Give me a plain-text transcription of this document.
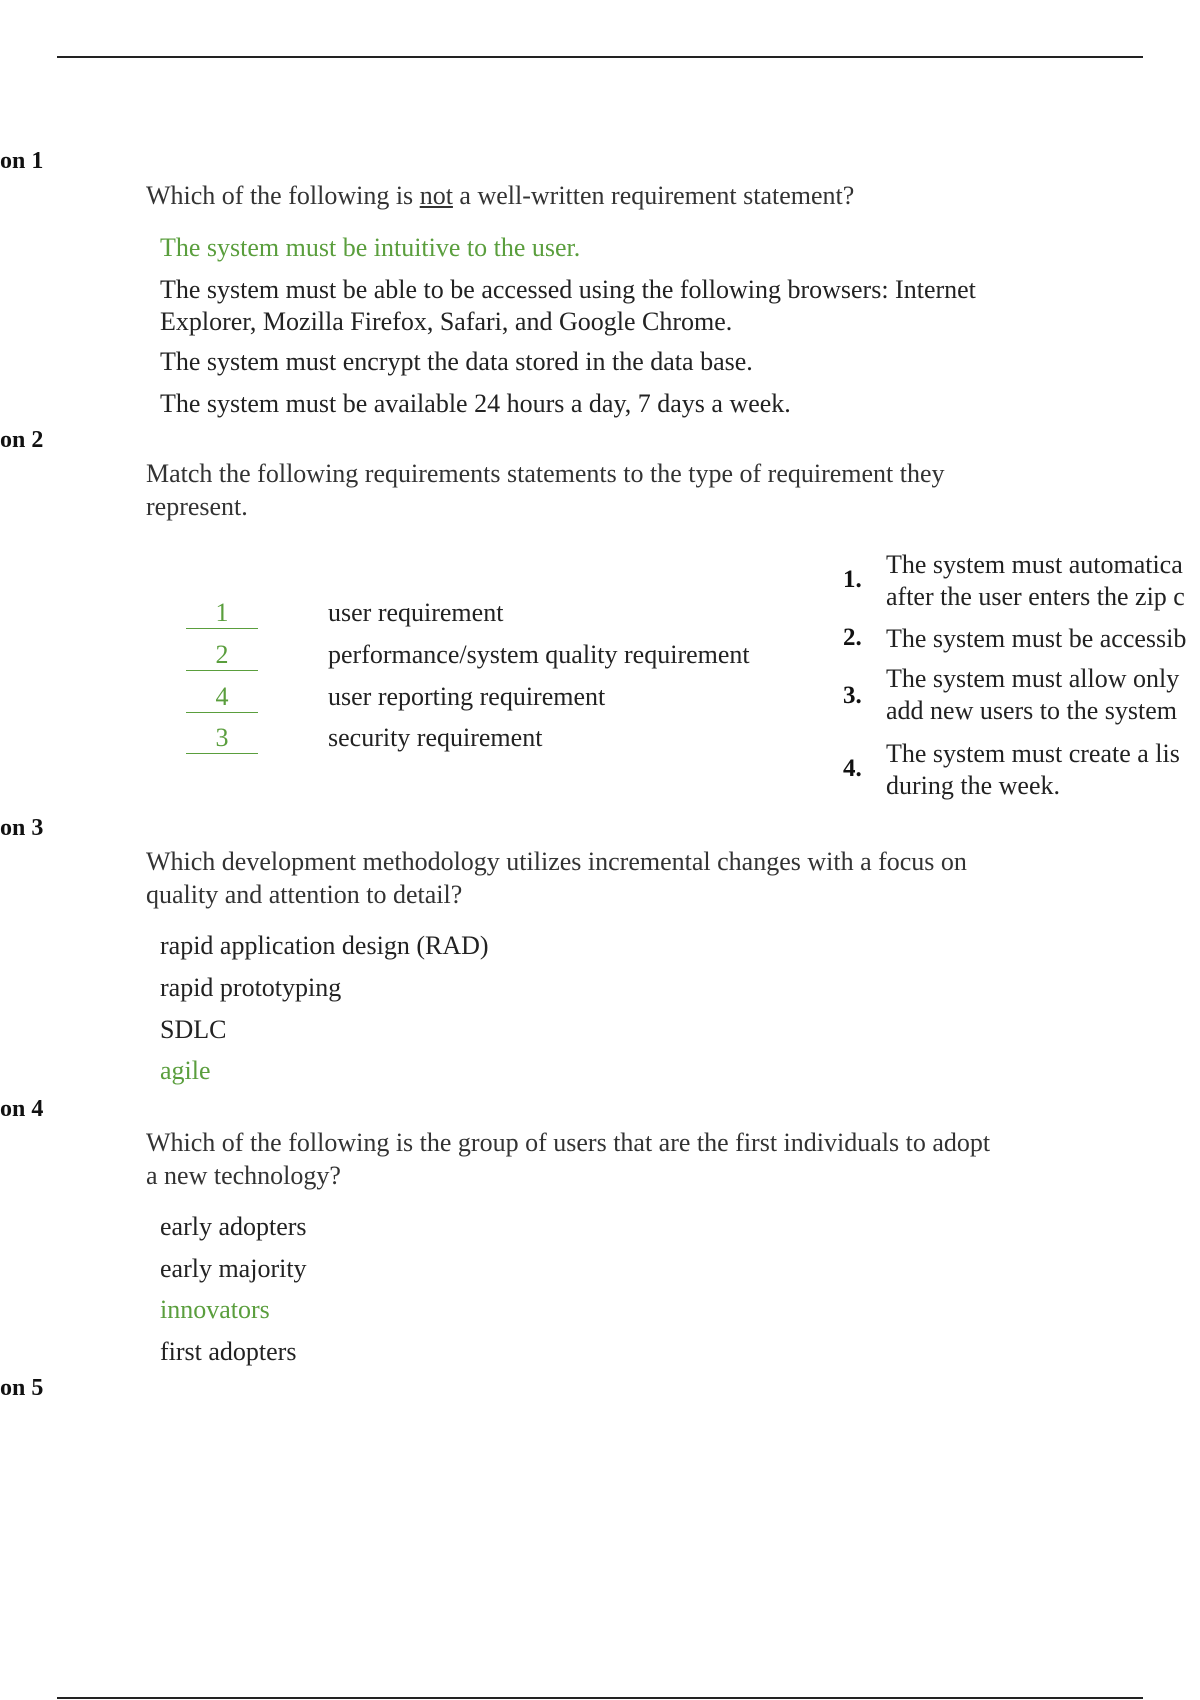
on 1
Which of the following is not a well-written requirement statement?
The system must be intuitive to the user.
The system must be able to be accessed using the following browsers: Internet
Explorer, Mozilla Firefox, Safari, and Google Chrome.
The system must encrypt the data stored in the data base.
The system must be available 24 hours a day, 7 days a week.
on 2
Match the following requirements statements to the type of requirement they
represent.
1	user requirement
2	performance/system quality requirement
4	user reporting requirement
3	security requirement
1.
The system must automatica
after the user enters the zip c
2. The system must be accessib
3.
The system must allow only
add new users to the system
4.
The system must create a lis
during the week.
on 3
Which development methodology utilizes incremental changes with a focus on
quality and attention to detail?
rapid application design (RAD)
rapid prototyping
SDLC
agile
on 4
Which of the following is the group of users that are the first individuals to adopt
a new technology?
early adopters
early majority
innovators
first adopters
on 5
